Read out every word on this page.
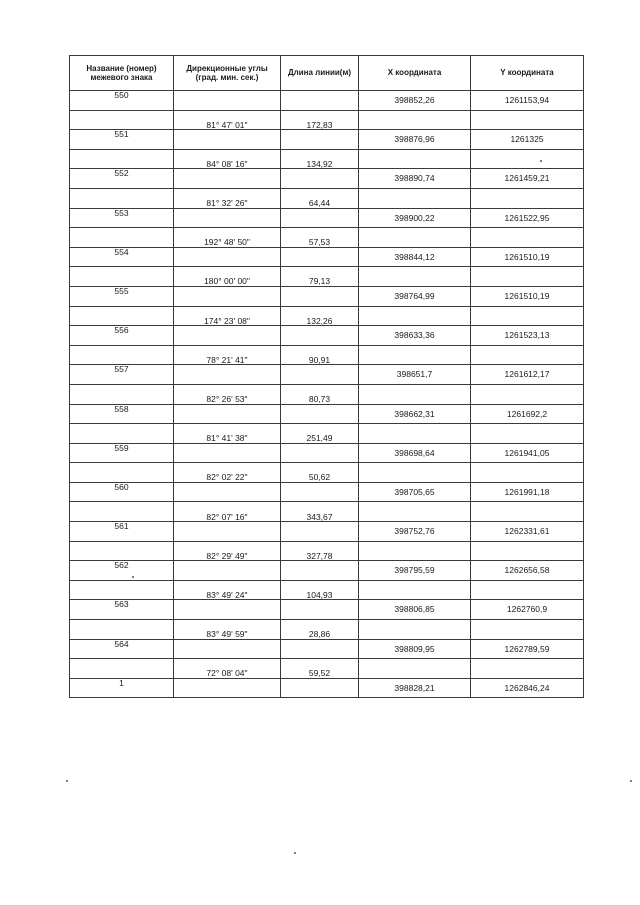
Название (номер) межевого знака	Дирекционные углы (град. мин. сек.)	Длина линии(м)	X координата	Y координата
550			398852,26	1261153,94
	81° 47' 01"	172,83		
551			398876,96	1261325
	84° 08' 16"	134,92		
552			398890,74	1261459,21
	81° 32' 26"	64,44		
553			398900,22	1261522,95
	192° 48' 50"	57,53		
554			398844,12	1261510,19
	180° 00' 00"	79,13		
555			398764,99	1261510,19
	174° 23' 08"	132,26		
556			398633,36	1261523,13
	78° 21' 41"	90,91		
557			398651,7	1261612,17
	82° 26' 53"	80,73		
558			398662,31	1261692,2
	81° 41' 38"	251,49		
559			398698,64	1261941,05
	82° 02' 22"	50,62		
560			398705,65	1261991,18
	82° 07' 16"	343,67		
561			398752,76	1262331,61
	82° 29' 49"	327,78		
562			398795,59	1262656,58
	83° 49' 24"	104,93		
563			398806,85	1262760,9
	83° 49' 59"	28,86		
564			398809,95	1262789,59
	72° 08' 04"	59,52		
1			398828,21	1262846,24
